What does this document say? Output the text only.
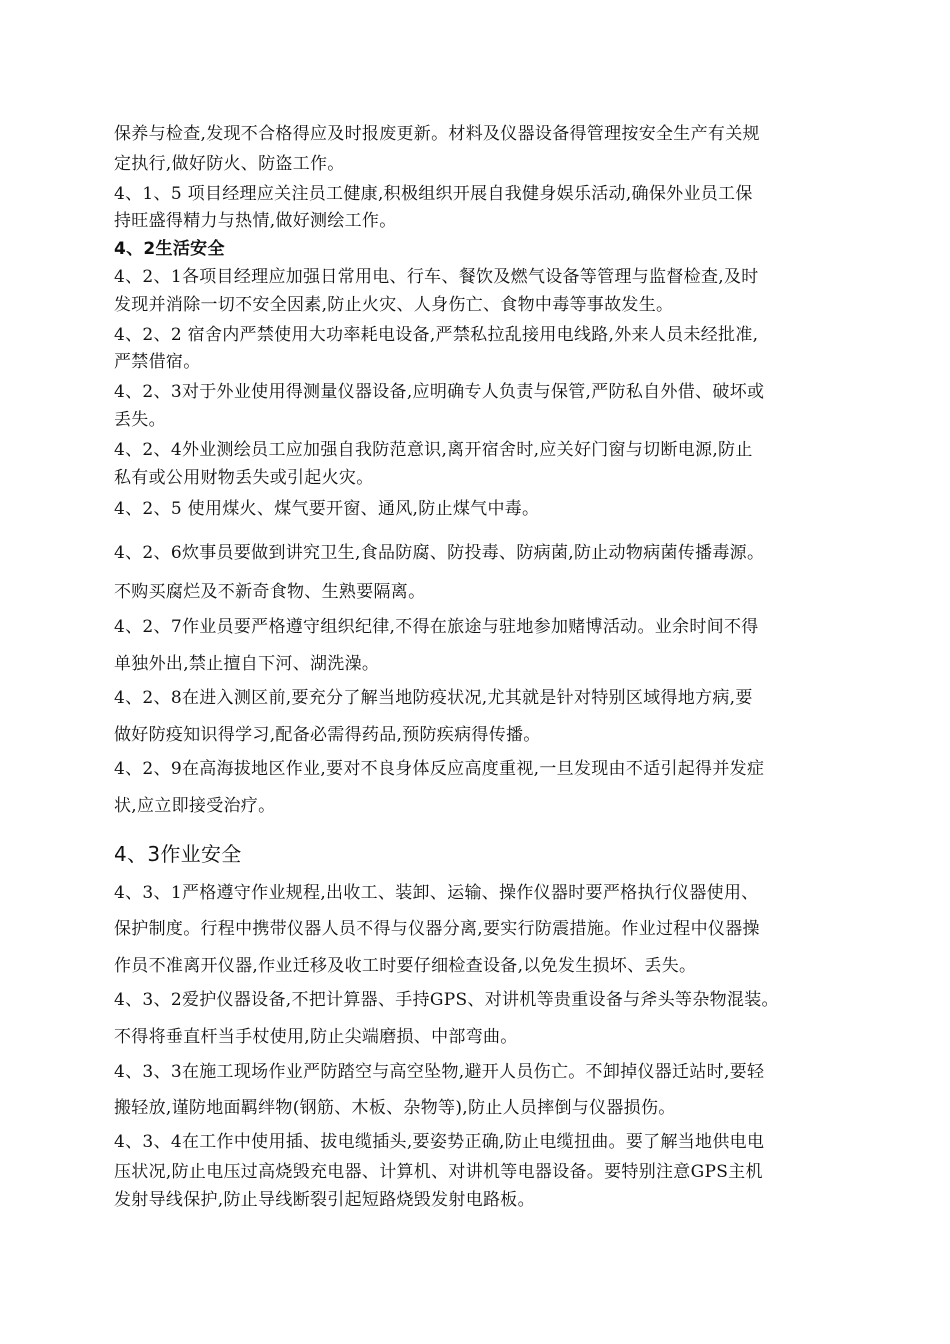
保养与检查,发现不合格得应及时报废更新。材料及仪器设备得管理按安全生产有关规
定执行,做好防火、防盗工作。
4、1、5 项目经理应关注员工健康,积极组织开展自我健身娱乐活动,确保外业员工保
持旺盛得精力与热情,做好测绘工作。
4、2生活安全
4、2、1各项目经理应加强日常用电、行车、餐饮及燃气设备等管理与监督检查,及时
发现并消除一切不安全因素,防止火灾、人身伤亡、食物中毒等事故发生。
4、2、2 宿舍内严禁使用大功率耗电设备,严禁私拉乱接用电线路,外来人员未经批准,
严禁借宿。
4、2、3对于外业使用得测量仪器设备,应明确专人负责与保管,严防私自外借、破坏或
丢失。
4、2、4外业测绘员工应加强自我防范意识,离开宿舍时,应关好门窗与切断电源,防止
私有或公用财物丢失或引起火灾。
4、2、5 使用煤火、煤气要开窗、通风,防止煤气中毒。
4、2、6炊事员要做到讲究卫生,食品防腐、防投毒、防病菌,防止动物病菌传播毒源。
不购买腐烂及不新奇食物、生熟要隔离。
4、2、7作业员要严格遵守组织纪律,不得在旅途与驻地参加赌博活动。业余时间不得
单独外出,禁止擅自下河、湖洗澡。
4、2、8在进入测区前,要充分了解当地防疫状况,尤其就是针对特别区域得地方病,要
做好防疫知识得学习,配备必需得药品,预防疾病得传播。
4、2、9在高海拔地区作业,要对不良身体反应高度重视,一旦发现由不适引起得并发症
状,应立即接受治疗。
4、3作业安全
4、3、1严格遵守作业规程,出收工、装卸、运输、操作仪器时要严格执行仪器使用、
保护制度。行程中携带仪器人员不得与仪器分离,要实行防震措施。作业过程中仪器操
作员不准离开仪器,作业迁移及收工时要仔细检查设备,以免发生损坏、丢失。
4、3、2爱护仪器设备,不把计算器、手持GPS、对讲机等贵重设备与斧头等杂物混装。
不得将垂直杆当手杖使用,防止尖端磨损、中部弯曲。
4、3、3在施工现场作业严防踏空与高空坠物,避开人员伤亡。不卸掉仪器迁站时,要轻
搬轻放,谨防地面羁绊物(钢筋、木板、杂物等),防止人员摔倒与仪器损伤。
4、3、4在工作中使用插、拔电缆插头,要姿势正确,防止电缆扭曲。要了解当地供电电
压状况,防止电压过高烧毁充电器、计算机、对讲机等电器设备。要特别注意GPS主机
发射导线保护,防止导线断裂引起短路烧毁发射电路板。
